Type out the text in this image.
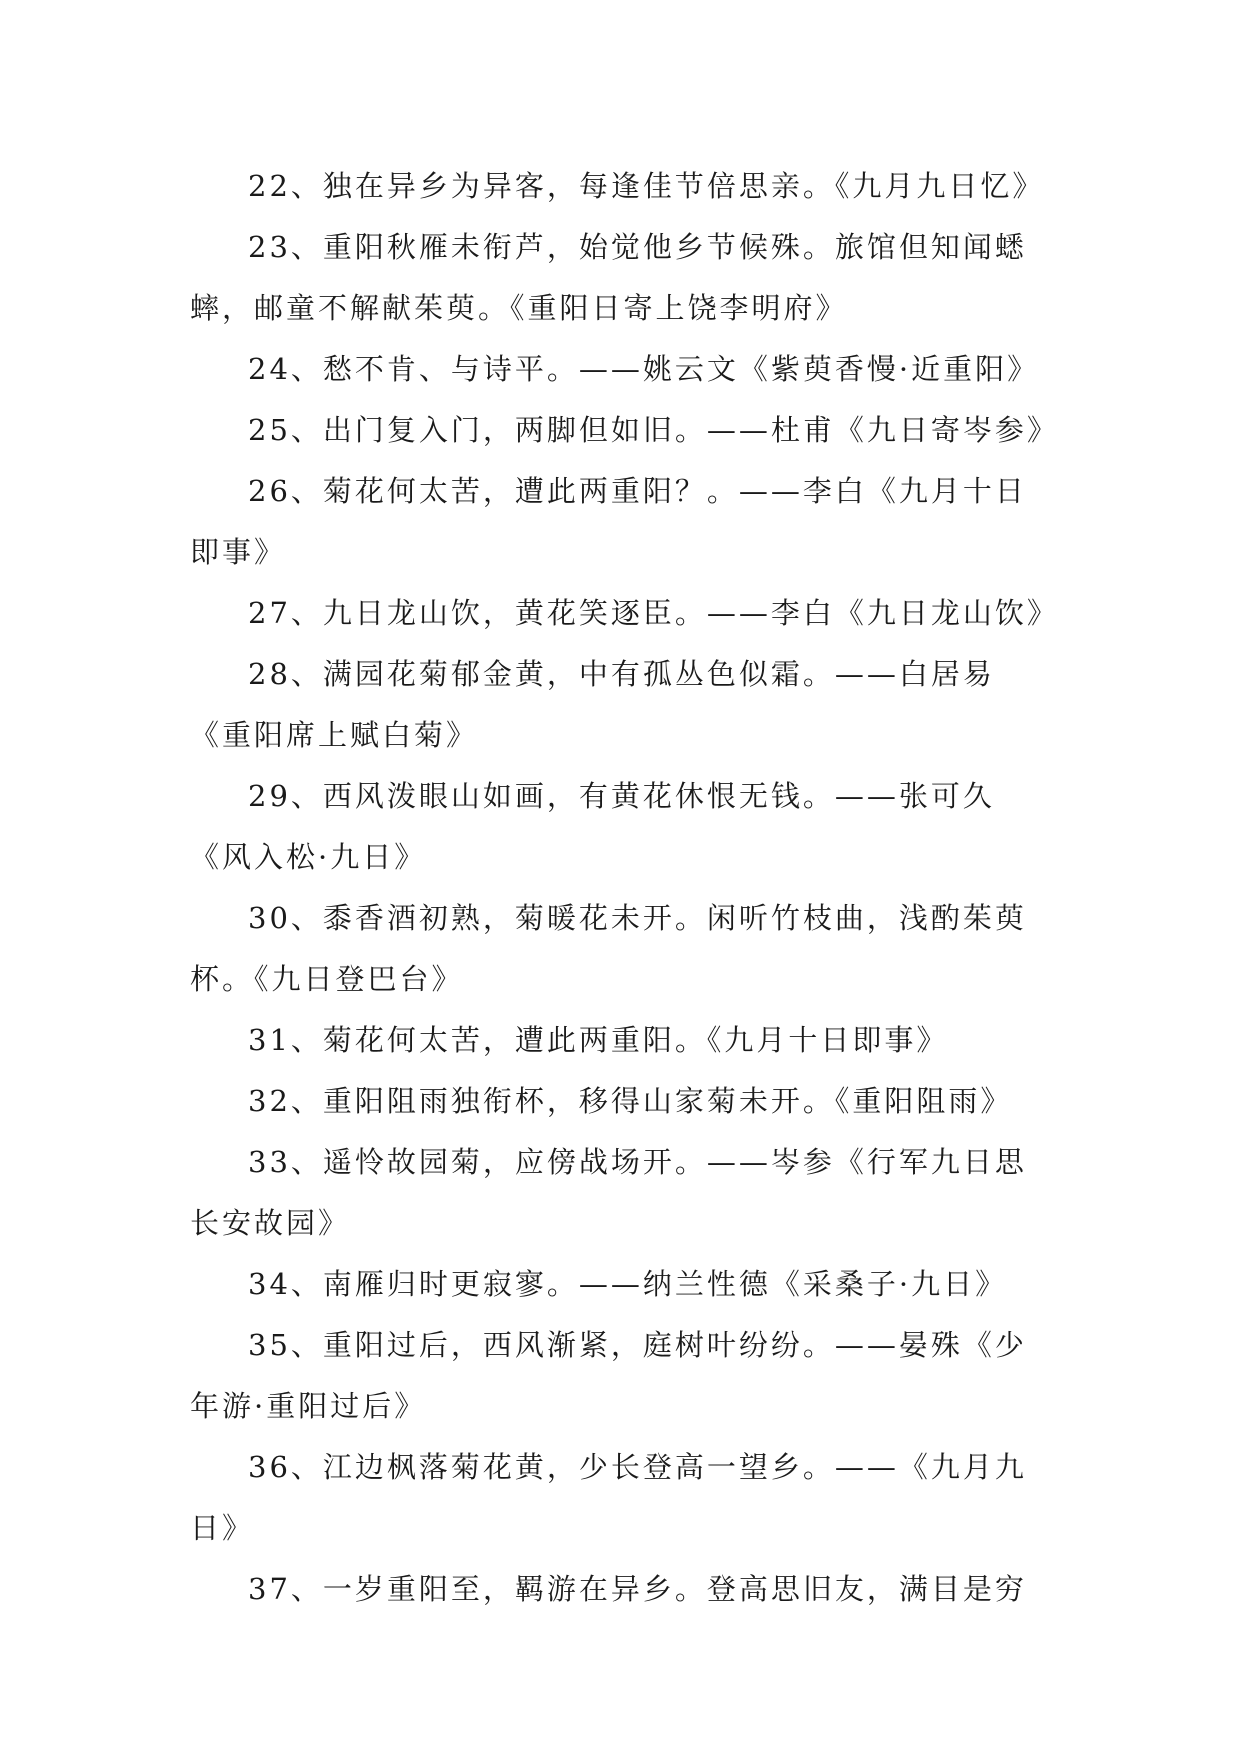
22、独在异乡为异客，每逢佳节倍思亲。《九月九日忆》
23、重阳秋雁未衔芦，始觉他乡节候殊。旅馆但知闻蟋
蟀，邮童不解献茱萸。《重阳日寄上饶李明府》
24、愁不肯、与诗平。——姚云文《紫萸香慢·近重阳》
25、出门复入门，两脚但如旧。——杜甫《九日寄岑参》
26、菊花何太苦，遭此两重阳？。——李白《九月十日
即事》
27、九日龙山饮，黄花笑逐臣。——李白《九日龙山饮》
28、满园花菊郁金黄，中有孤丛色似霜。——白居易
《重阳席上赋白菊》
29、西风泼眼山如画，有黄花休恨无钱。——张可久
《风入松·九日》
30、黍香酒初熟，菊暖花未开。闲听竹枝曲，浅酌茱萸
杯。《九日登巴台》
31、菊花何太苦，遭此两重阳。《九月十日即事》
32、重阳阻雨独衔杯，移得山家菊未开。《重阳阻雨》
33、遥怜故园菊，应傍战场开。——岑参《行军九日思
长安故园》
34、南雁归时更寂寥。——纳兰性德《采桑子·九日》
35、重阳过后，西风渐紧，庭树叶纷纷。——晏殊《少
年游·重阳过后》
36、江边枫落菊花黄，少长登高一望乡。——《九月九
日》
37、一岁重阳至，羁游在异乡。登高思旧友，满目是穷
